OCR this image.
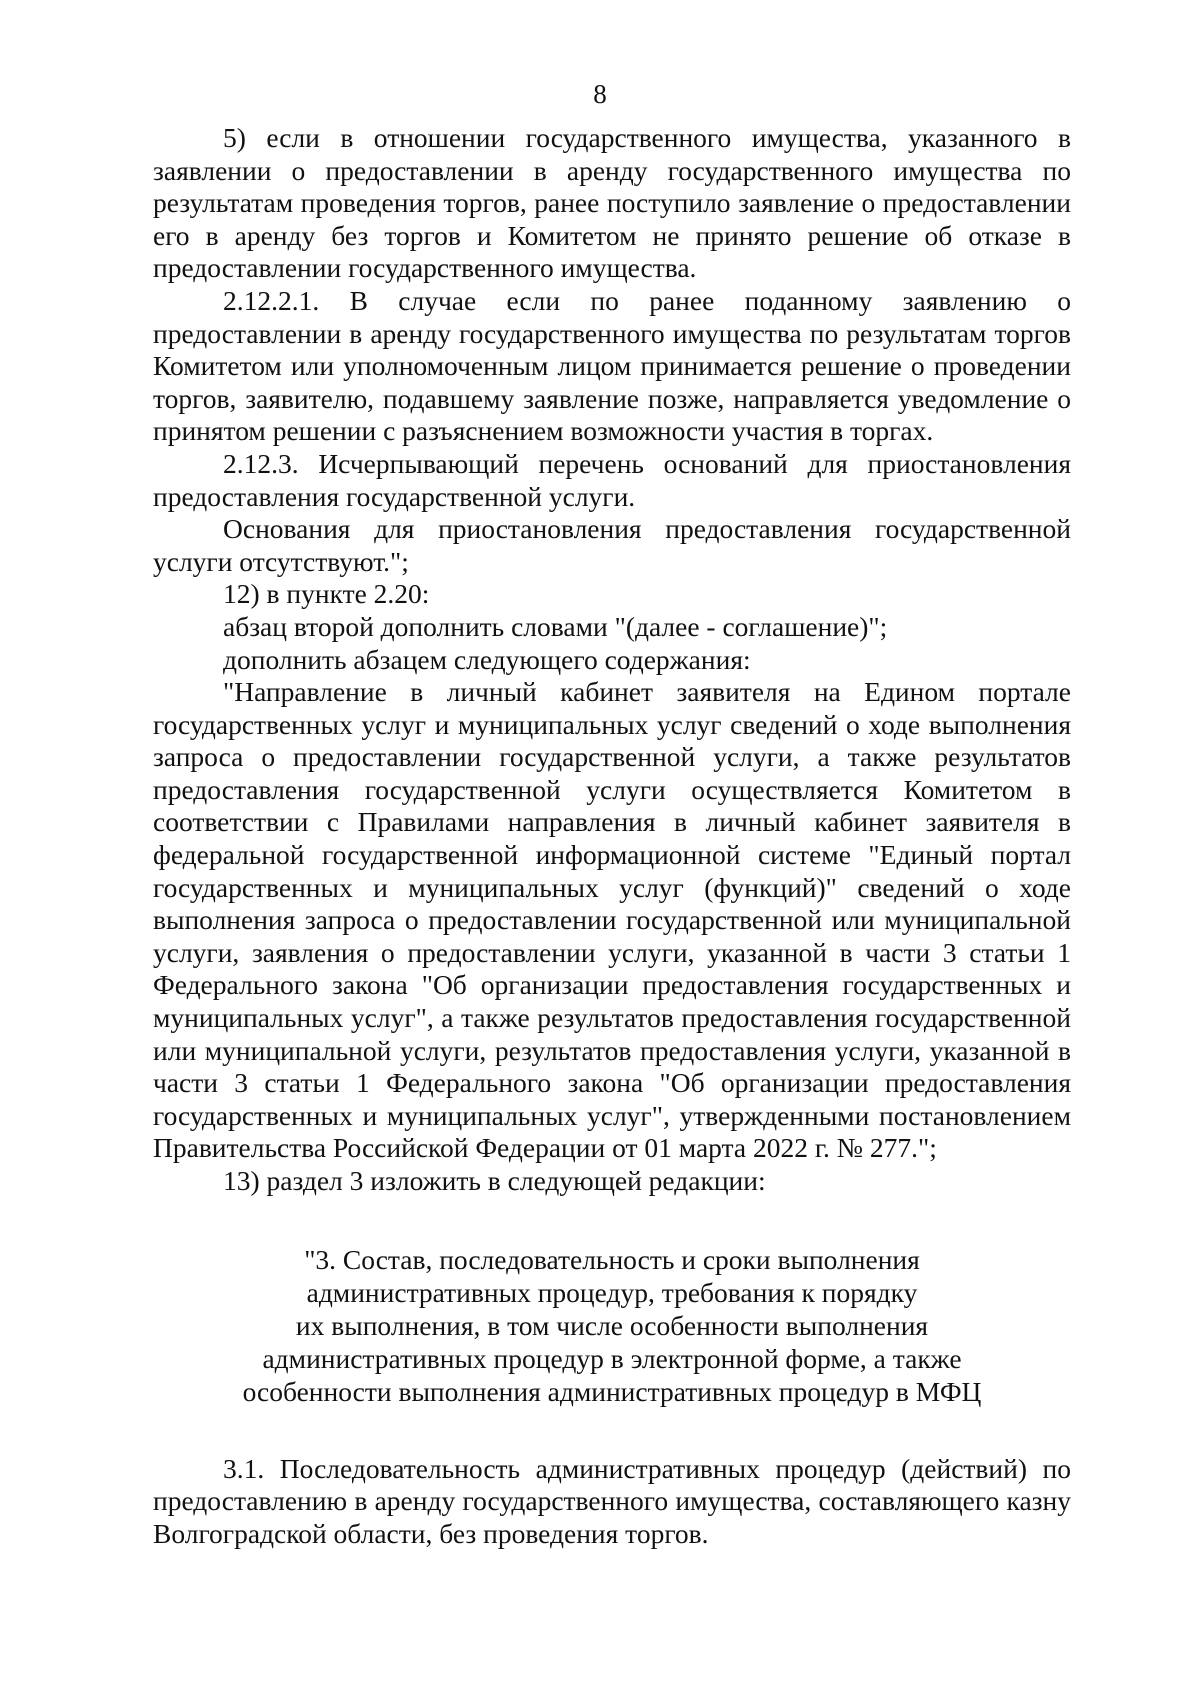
8

5) если в отношении государственного имущества, указанного в заявлении о предоставлении в аренду государственного имущества по результатам проведения торгов, ранее поступило заявление о предоставлении его в аренду без торгов и Комитетом не принято решение об отказе в предоставлении государственного имущества.

2.12.2.1. В случае если по ранее поданному заявлению о предоставлении в аренду государственного имущества по результатам торгов Комитетом или уполномоченным лицом принимается решение о проведении торгов, заявителю, подавшему заявление позже, направляется уведомление о принятом решении с разъяснением возможности участия в торгах.

2.12.3. Исчерпывающий перечень оснований для приостановления предоставления государственной услуги.

Основания для приостановления предоставления государственной услуги отсутствуют.";

12) в пункте 2.20:

абзац второй дополнить словами "(далее - соглашение)";

дополнить абзацем следующего содержания:

"Направление в личный кабинет заявителя на Едином портале государственных услуг и муниципальных услуг сведений о ходе выполнения запроса о предоставлении государственной услуги, а также результатов предоставления государственной услуги осуществляется Комитетом в соответствии с Правилами направления в личный кабинет заявителя в федеральной государственной информационной системе "Единый портал государственных и муниципальных услуг (функций)" сведений о ходе выполнения запроса о предоставлении государственной или муниципальной услуги, заявления о предоставлении услуги, указанной в части 3 статьи 1 Федерального закона "Об организации предоставления государственных и муниципальных услуг", а также результатов предоставления государственной или муниципальной услуги, результатов предоставления услуги, указанной в части 3 статьи 1 Федерального закона "Об организации предоставления государственных и муниципальных услуг", утвержденными постановлением Правительства Российской Федерации от 01 марта 2022 г. № 277.";

13) раздел 3 изложить в следующей редакции:

"3. Состав, последовательность и сроки выполнения
административных процедур, требования к порядку
их выполнения, в том числе особенности выполнения
административных процедур в электронной форме, а также
особенности выполнения административных процедур в МФЦ

3.1. Последовательность административных процедур (действий) по предоставлению в аренду государственного имущества, составляющего казну Волгоградской области, без проведения торгов.
